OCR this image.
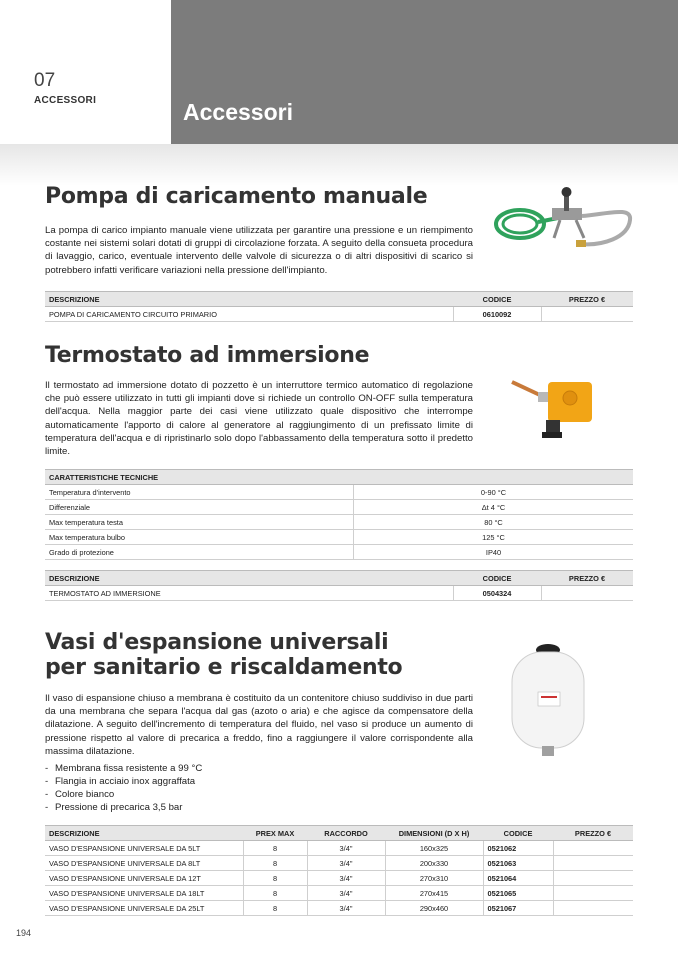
07
ACCESSORI	Accessori
Pompa di caricamento manuale
La pompa di carico impianto manuale viene utilizzata per garantire una pressione e un riempimento costante nei sistemi solari dotati di gruppi di circolazione forzata. A seguito della consueta procedura di lavaggio, carico, eventuale intervento delle valvole di sicurezza o di altri dispositivi di scarico si potrebbero infatti verificare variazioni nella pressione dell'impianto.
DESCRIZIONE	CODICE	PREZZO €
POMPA DI CARICAMENTO CIRCUITO PRIMARIO	0610092	
Termostato ad immersione
Il termostato ad immersione dotato di pozzetto è un interruttore termico automatico di regolazione che può essere utilizzato in tutti gli impianti dove si richiede un controllo ON-OFF sulla temperatura dell'acqua. Nella maggior parte dei casi viene utilizzato quale dispositivo che interrompe automaticamente l'apporto di calore al generatore al raggiungimento di un prefissato limite di temperatura dell'acqua e di ripristinarlo solo dopo l'abbassamento della temperatura sotto il predetto limite.
CARATTERISTICHE TECNICHE	
Temperatura d'intervento	0-90 °C
Differenziale	Δt 4 °C
Max temperatura testa	80 °C
Max temperatura bulbo	125 °C
Grado di protezione	IP40
DESCRIZIONE	CODICE	PREZZO €
TERMOSTATO AD IMMERSIONE	0504324	
Vasi d'espansione universali
per sanitario e riscaldamento
Il vaso di espansione chiuso a membrana è costituito da un contenitore chiuso suddiviso in due parti da una membrana che separa l'acqua dal gas (azoto o aria) e che agisce da compensatore della dilatazione. A seguito dell'incremento di temperatura del fluido, nel vaso si produce un aumento di pressione rispetto al valore di precarica a freddo, fino a raggiungere il valore corrispondente alla massima dilatazione.
- Membrana fissa resistente a 99 °C
- Flangia in acciaio inox aggraffata
- Colore bianco
- Pressione di precarica 3,5 bar
DESCRIZIONE	PREX MAX	RACCORDO	DIMENSIONI (D X H)	CODICE	PREZZO €
VASO D'ESPANSIONE UNIVERSALE DA 5LT	8	3/4"	160x325	0521062	
VASO D'ESPANSIONE UNIVERSALE DA 8LT	8	3/4"	200x330	0521063	
VASO D'ESPANSIONE UNIVERSALE DA 12T	8	3/4"	270x310	0521064	
VASO D'ESPANSIONE UNIVERSALE DA 18LT	8	3/4"	270x415	0521065	
VASO D'ESPANSIONE UNIVERSALE DA 25LT	8	3/4"	290x460	0521067	
194
